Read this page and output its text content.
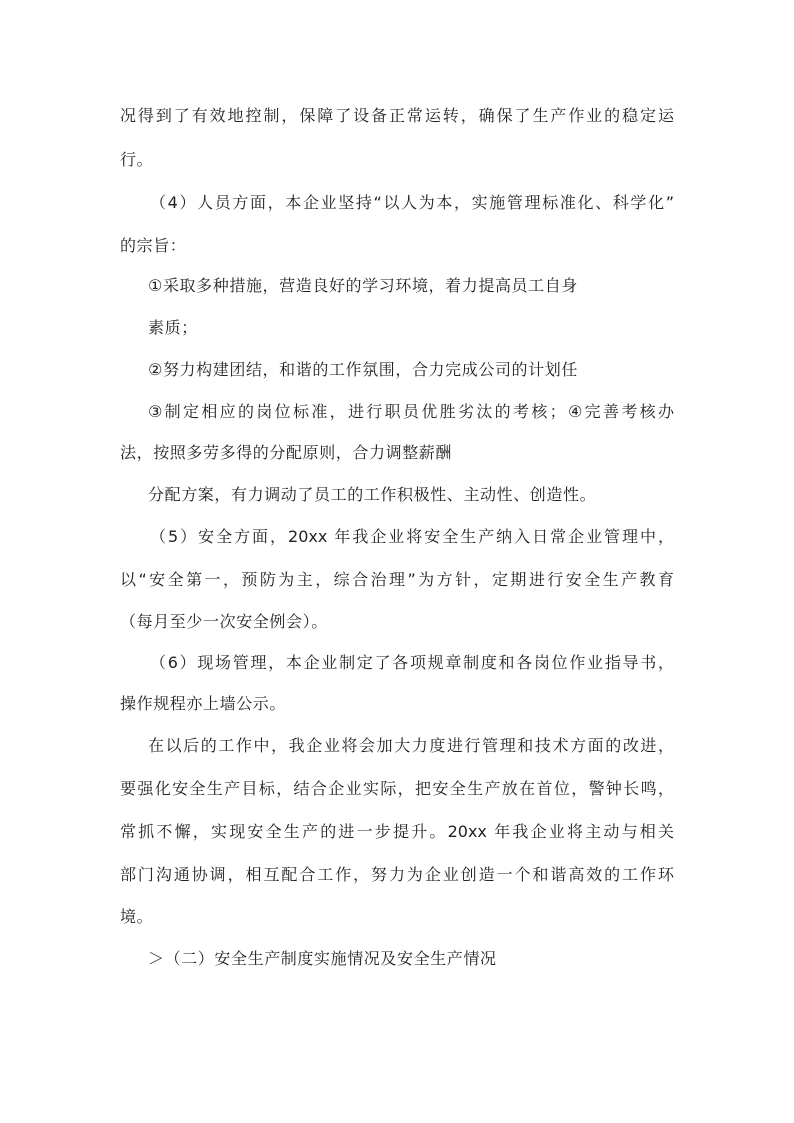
况得到了有效地控制，保障了设备正常运转，确保了生产作业的稳定运
行。
（4）人员方面，本企业坚持“以人为本，实施管理标准化、科学化”
的宗旨：
①采取多种措施，营造良好的学习环境，着力提高员工自身
素质；
②努力构建团结，和谐的工作氛围，合力完成公司的计划任
③制定相应的岗位标准，进行职员优胜劣汰的考核；④完善考核办
法，按照多劳多得的分配原则，合力调整薪酬
分配方案，有力调动了员工的工作积极性、主动性、创造性。
（5）安全方面，20xx 年我企业将安全生产纳入日常企业管理中，
以“安全第一，预防为主，综合治理”为方针，定期进行安全生产教育
（每月至少一次安全例会）。
（6）现场管理，本企业制定了各项规章制度和各岗位作业指导书，
操作规程亦上墙公示。
在以后的工作中，我企业将会加大力度进行管理和技术方面的改进，
要强化安全生产目标，结合企业实际，把安全生产放在首位，警钟长鸣，
常抓不懈，实现安全生产的进一步提升。20xx 年我企业将主动与相关
部门沟通协调，相互配合工作，努力为企业创造一个和谐高效的工作环
境。
＞（二）安全生产制度实施情况及安全生产情况
